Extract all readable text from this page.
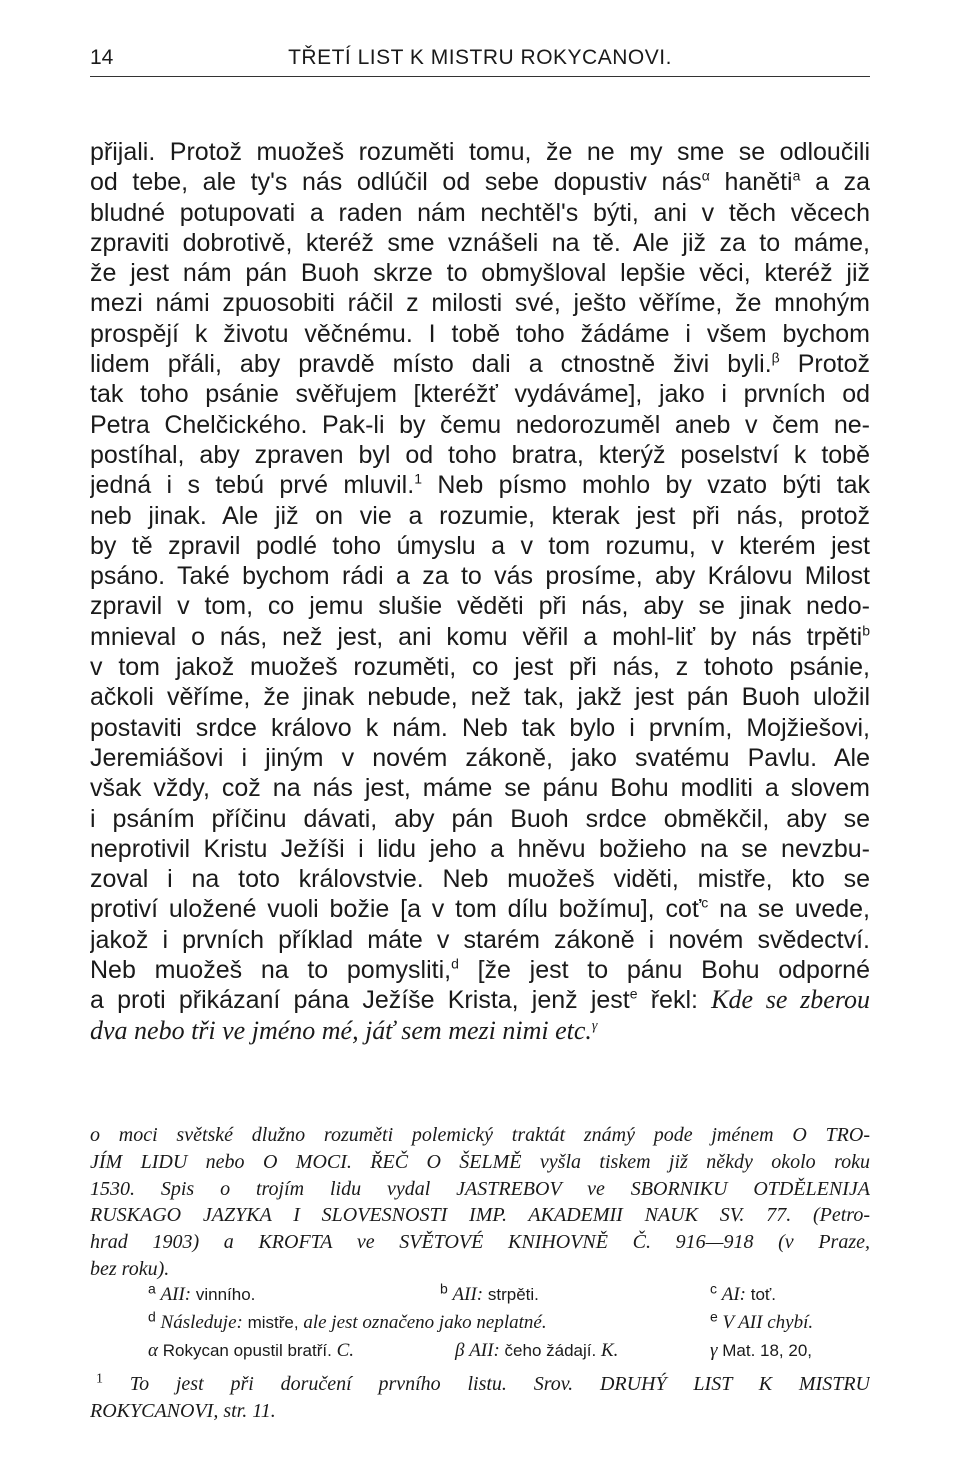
14	TŘETÍ LIST K MISTRU ROKYCANOVI.
přijali. Protož muožeš rozuměti tomu, že ne my sme se odloučili
od tebe, ale ty's nás odlúčil od sebe dopustiv nás$^\alpha$ haněti$^a$ a za
bludné potupovati a raden nám nechtěl's býti, ani v těch věcech
zpraviti dobrotivě, kteréž sme vznášeli na tě. Ale již za to máme,
že jest nám pán Buoh skrze to obmyšloval lepšie věci, kteréž již
mezi námi zpuosobiti ráčil z milosti své, ješto věříme, že mnohým
prospějí k životu věčnému. I tobě toho žádáme i všem bychom
lidem přáli, aby pravdě místo dali a ctnostně živi byli.$^\beta$ Protož
tak toho psánie svěřujem [kteréžť vydáváme], jako i prvních od
Petra Chelčického. Pak-li by čemu nedorozuměl aneb v čem ne-
postíhal, aby zpraven byl od toho bratra, kterýž poselství k tobě
jedná i s tebú prvé mluvil.$^1$ Neb písmo mohlo by vzato býti tak
neb jinak. Ale již on vie a rozumie, kterak jest při nás, protož
by tě zpravil podlé toho úmyslu a v tom rozumu, v kterém jest
psáno. Také bychom rádi a za to vás prosíme, aby Královu Milost
zpravil v tom, co jemu slušie věděti při nás, aby se jinak nedo-
mnieval o nás, než jest, ani komu věřil a mohl-liť by nás trpěti$^b$
v tom jakož muožeš rozuměti, co jest při nás, z tohoto psánie,
ačkoli věříme, že jinak nebude, než tak, jakž jest pán Buoh uložil
postaviti srdce královo k nám. Neb tak bylo i prvním, Mojžiešovi,
Jeremiášovi i jiným v novém zákoně, jako svatému Pavlu. Ale
však vždy, což na nás jest, máme se pánu Bohu modliti a slovem
i psáním příčinu dávati, aby pán Buoh srdce obměkčil, aby se
neprotivil Kristu Ježíši i lidu jeho a hněvu božieho na se nevzbu-
zoval i na toto královstvie. Neb muožeš viděti, mistře, kto se
protiví uložené vuoli božie [a v tom dílu božímu], coť$^c$ na se uvede,
jakož i prvních příklad máte v starém zákoně i novém svědectví.
Neb muožeš na to pomysliti,$^d$ [že jest to pánu Bohu odporné
a proti přikázaní pána Ježíše Krista, jenž jest$^e$ řekl: Kde se zberou
dva nebo tři ve jméno mé, jáť sem mezi nimi etc.$^\gamma$
o moci světské dlužno rozuměti polemický traktát známý pode jménem O TRO-
JÍM LIDU nebo O MOCI. ŘEČ O ŠELMĚ vyšla tiskem již někdy okolo roku
1530. Spis o trojím lidu vydal JASTREBOV ve SBORNIKU OTDĚLENIJA
RUSKAGO JAZYKA I SLOVESNOSTI IMP. AKADEMII NAUK SV. 77. (Petro-
hrad 1903) a KROFTA ve SVĚTOVÉ KNIHOVNĚ Č. 916—918 (v Praze,
bez roku).
$^a$ AII: vinního.	$^b$ AII: strpěti.	$^c$ AI: toť.
$^d$ Následuje: mistře, ale jest označeno jako neplatné.	$^e$ V AII chybí.
α Rokycan opustil bratří. C.	β AII: čeho žádají. K.	γ Mat. 18, 20,
$^1$ To jest při doručení prvního listu. Srov. DRUHÝ LIST K MISTRU
ROKYCANOVI, str. 11.
